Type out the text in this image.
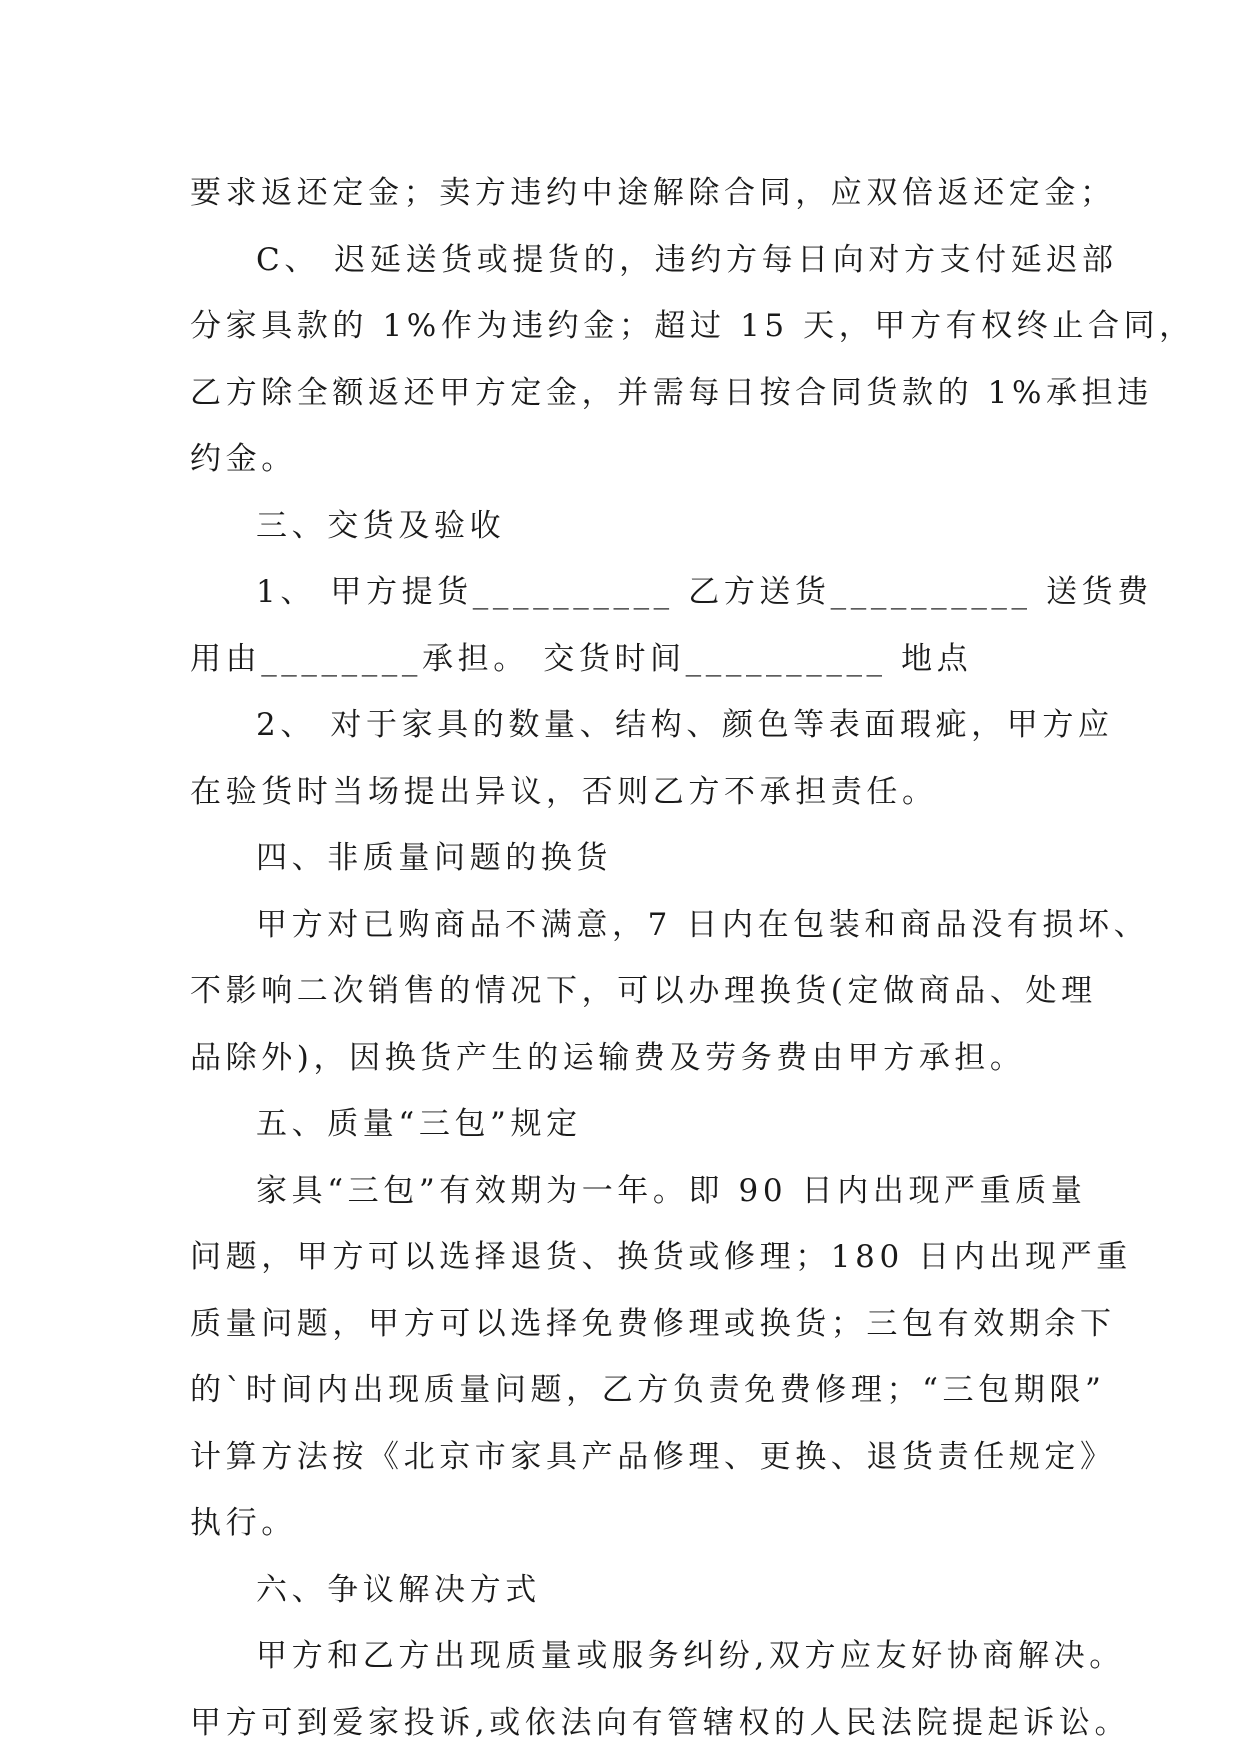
要求返还定金；卖方违约中途解除合同，应双倍返还定金；
C、 迟延送货或提货的，违约方每日向对方支付延迟部
分家具款的 1%作为违约金；超过 15 天，甲方有权终止合同，
乙方除全额返还甲方定金，并需每日按合同货款的 1%承担违
约金。
三、交货及验收
1、 甲方提货__________ 乙方送货__________ 送货费
用由________承担。 交货时间__________ 地点
2、 对于家具的数量、结构、颜色等表面瑕疵，甲方应
在验货时当场提出异议，否则乙方不承担责任。
四、非质量问题的换货
甲方对已购商品不满意，7 日内在包装和商品没有损坏、
不影响二次销售的情况下，可以办理换货(定做商品、处理
品除外)，因换货产生的运输费及劳务费由甲方承担。
五、质量“三包”规定
家具“三包”有效期为一年。即 90 日内出现严重质量
问题，甲方可以选择退货、换货或修理；180 日内出现严重
质量问题，甲方可以选择免费修理或换货；三包有效期余下
的`时间内出现质量问题，乙方负责免费修理；“三包期限”
计算方法按《北京市家具产品修理、更换、退货责任规定》
执行。
六、争议解决方式
甲方和乙方出现质量或服务纠纷,双方应友好协商解决。
甲方可到爱家投诉,或依法向有管辖权的人民法院提起诉讼。
